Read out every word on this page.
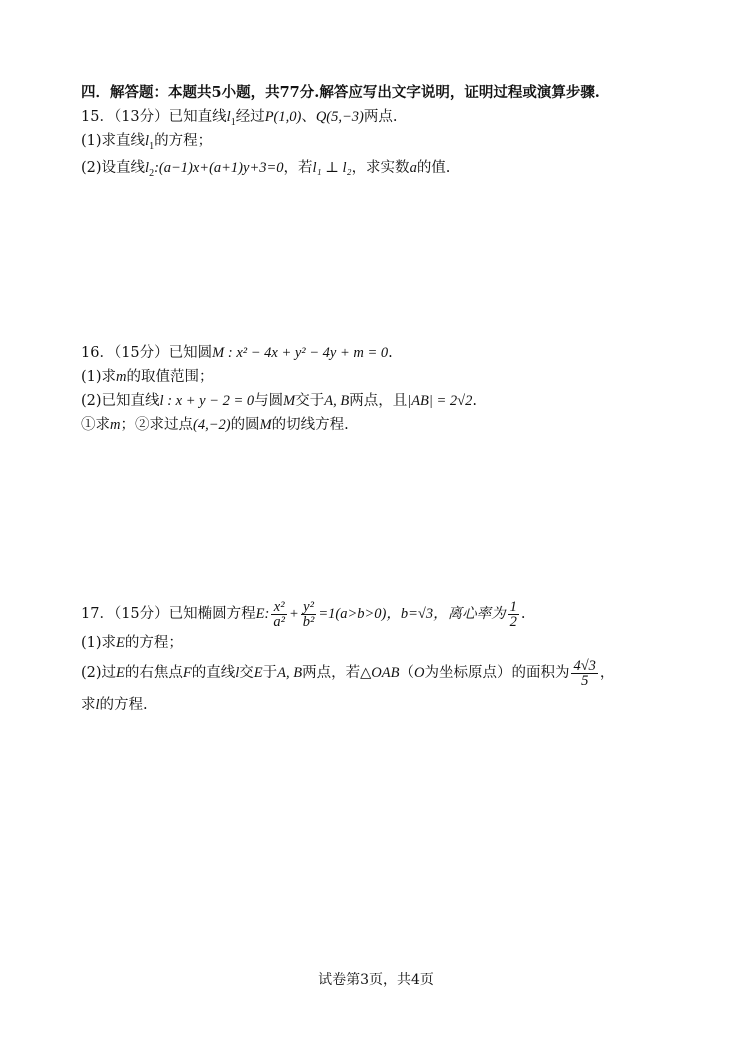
四．解答题：本题共5小题，共77分.解答应写出文字说明，证明过程或演算步骤.
15．（13分）已知直线$l_1$经过P(1,0)、Q(5,−3)两点.
(1)求直线$l_1$的方程；
(2)设直线$l_2:(a-1)x+(a+1)y+3=0$，若l₁ ⊥ l₂，求实数a的值.
16．（15分）已知圆M : x² − 4x + y² − 4y + m = 0.
(1)求m的取值范围；
(2)已知直线l : x + y − 2 = 0与圆M交于A, B两点，且|AB| = 2√2.
①求m；②求过点(4,−2)的圆M的切线方程.
17．（15分）已知椭圆方程E: $\frac{\text{x²}}{\text{a²}} + \frac{\text{y²}}{\text{b²}} =1(a>b>0)$，b=√3，离心率为 $\frac{1}{2}$ .
(1)求E的方程；
(2)过E的右焦点F的直线l交E于A, B两点，若△OAB（O为坐标原点）的面积为 $\frac{4√3}{5}$ ，
求l的方程.
试卷第3页，共4页
